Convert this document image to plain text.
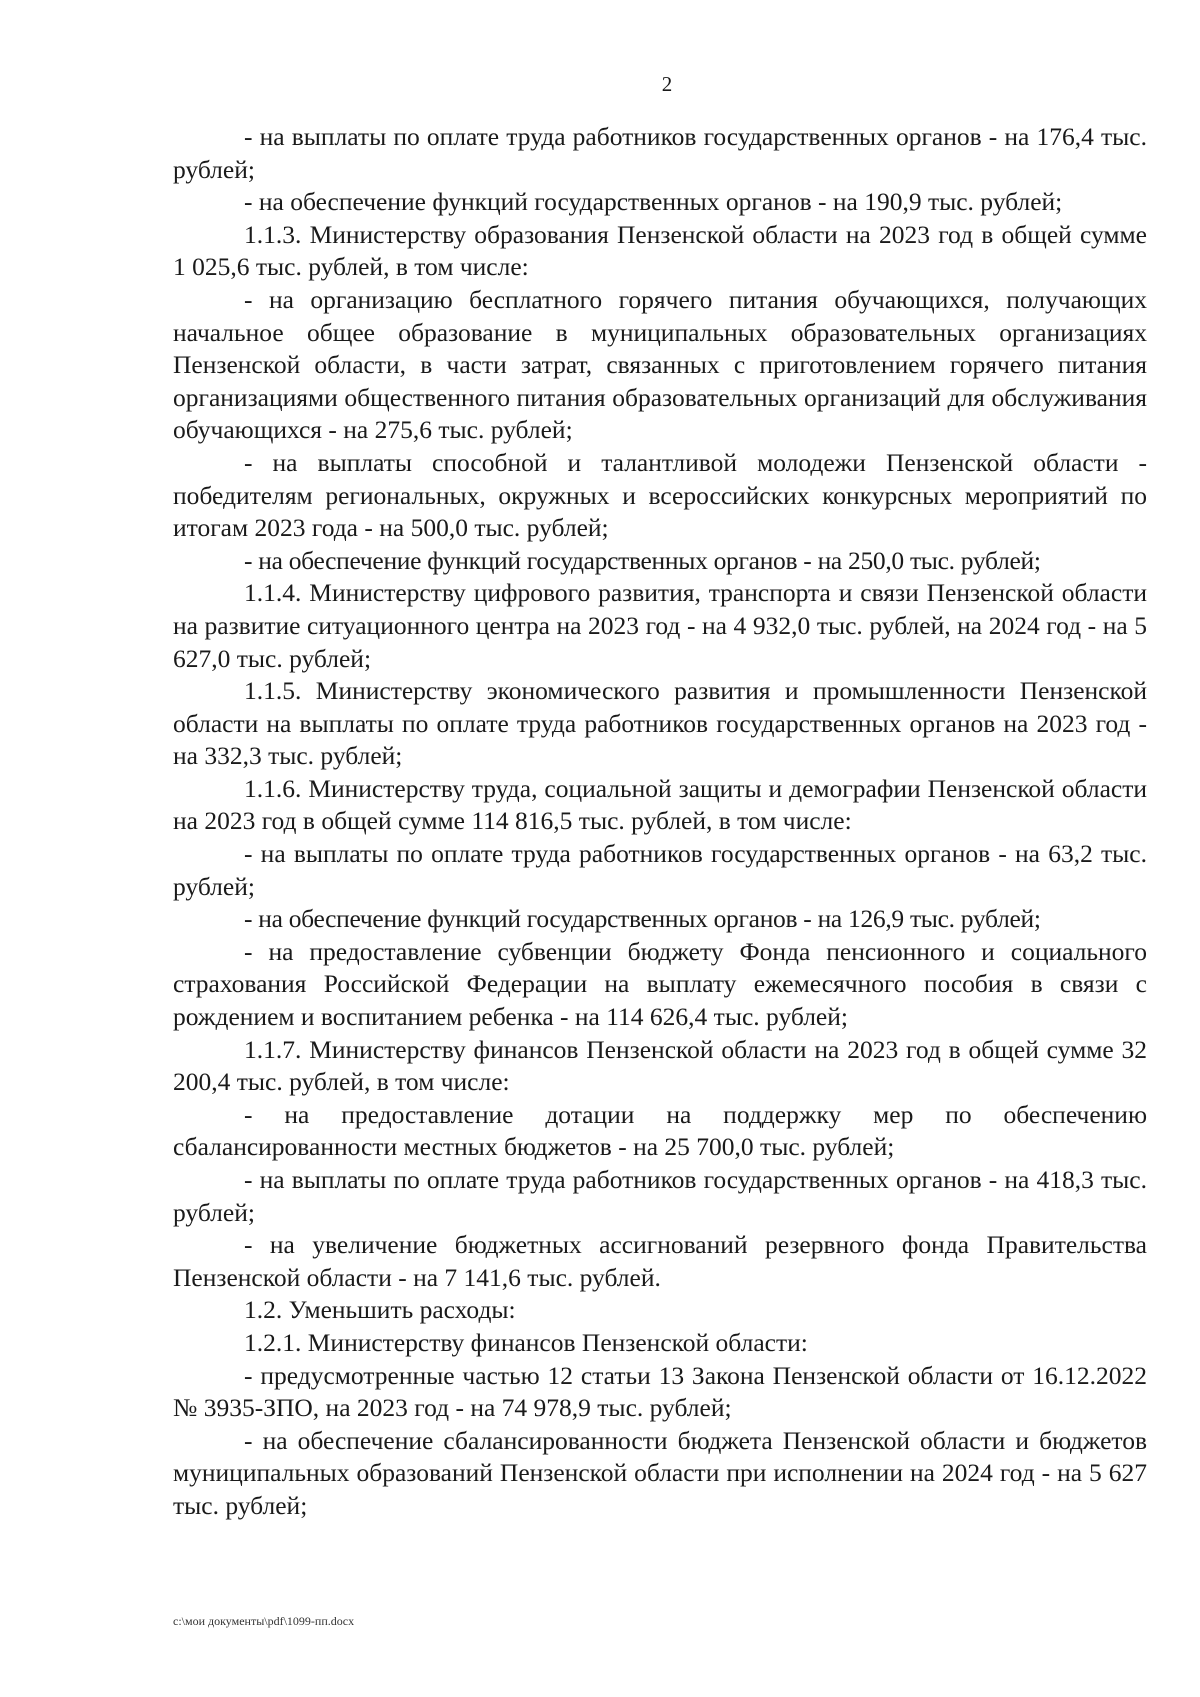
2

- на выплаты по оплате труда работников государственных органов - на 176,4 тыс. рублей;

- на обеспечение функций государственных органов - на 190,9 тыс. рублей;

1.1.3. Министерству образования Пензенской области на 2023 год в общей сумме 1 025,6 тыс. рублей, в том числе:

- на организацию бесплатного горячего питания обучающихся, получающих начальное общее образование в муниципальных образовательных организациях Пензенской области, в части затрат, связанных с приготовлением горячего питания организациями общественного питания образовательных организаций для обслуживания обучающихся - на 275,6 тыс. рублей;

- на выплаты способной и талантливой молодежи Пензенской области - победителям региональных, окружных и всероссийских конкурсных мероприятий по итогам 2023 года - на 500,0 тыс. рублей;

- на обеспечение функций государственных органов - на 250,0 тыс. рублей;

1.1.4. Министерству цифрового развития, транспорта и связи Пензенской области на развитие ситуационного центра на 2023 год - на 4 932,0 тыс. рублей, на 2024 год - на 5 627,0 тыс. рублей;

1.1.5. Министерству экономического развития и промышленности Пензенской области на выплаты по оплате труда работников государственных органов на 2023 год - на 332,3 тыс. рублей;

1.1.6. Министерству труда, социальной защиты и демографии Пензенской области на 2023 год в общей сумме 114 816,5 тыс. рублей, в том числе:

- на выплаты по оплате труда работников государственных органов - на 63,2 тыс. рублей;

- на обеспечение функций государственных органов - на 126,9 тыс. рублей;

- на предоставление субвенции бюджету Фонда пенсионного и социального страхования Российской Федерации на выплату ежемесячного пособия в связи с рождением и воспитанием ребенка - на 114 626,4 тыс. рублей;

1.1.7. Министерству финансов Пензенской области на 2023 год в общей сумме 32 200,4 тыс. рублей, в том числе:

- на предоставление дотации на поддержку мер по обеспечению сбалансированности местных бюджетов - на 25 700,0 тыс. рублей;

- на выплаты по оплате труда работников государственных органов - на 418,3 тыс. рублей;

- на увеличение бюджетных ассигнований резервного фонда Правительства Пензенской области - на 7 141,6 тыс. рублей.

1.2. Уменьшить расходы:

1.2.1. Министерству финансов Пензенской области:

- предусмотренные частью 12 статьи 13 Закона Пензенской области от 16.12.2022 № 3935-ЗПО, на 2023 год - на 74 978,9 тыс. рублей;

- на обеспечение сбалансированности бюджета Пензенской области и бюджетов муниципальных образований Пензенской области при исполнении на 2024 год - на 5 627 тыс. рублей;

c:\мои документы\pdf\1099-пп.docx
